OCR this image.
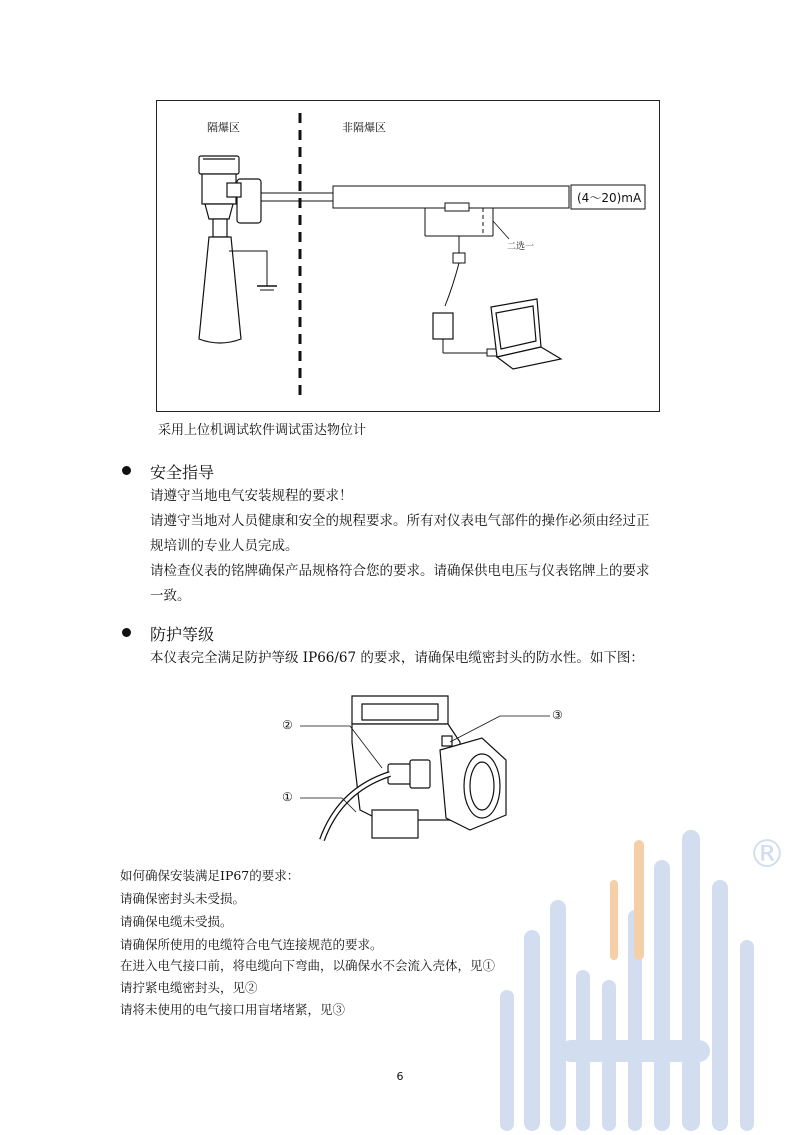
®
隔爆区	非隔爆区
(4～20)mA
二选一
采用上位机调试软件调试雷达物位计
安全指导
请遵守当地电气安装规程的要求！
请遵守当地对人员健康和安全的规程要求。所有对仪表电气部件的操作必须由经过正
规培训的专业人员完成。
请检查仪表的铭牌确保产品规格符合您的要求。请确保供电电压与仪表铭牌上的要求
一致。
防护等级
本仪表完全满足防护等级 IP66/67 的要求，请确保电缆密封头的防水性。如下图：
②
③
①
如何确保安装满足IP67的要求：
请确保密封头未受损。
请确保电缆未受损。
请确保所使用的电缆符合电气连接规范的要求。
在进入电气接口前，将电缆向下弯曲，以确保水不会流入壳体，见①
请拧紧电缆密封头，见②
请将未使用的电气接口用盲堵堵紧，见③
6
